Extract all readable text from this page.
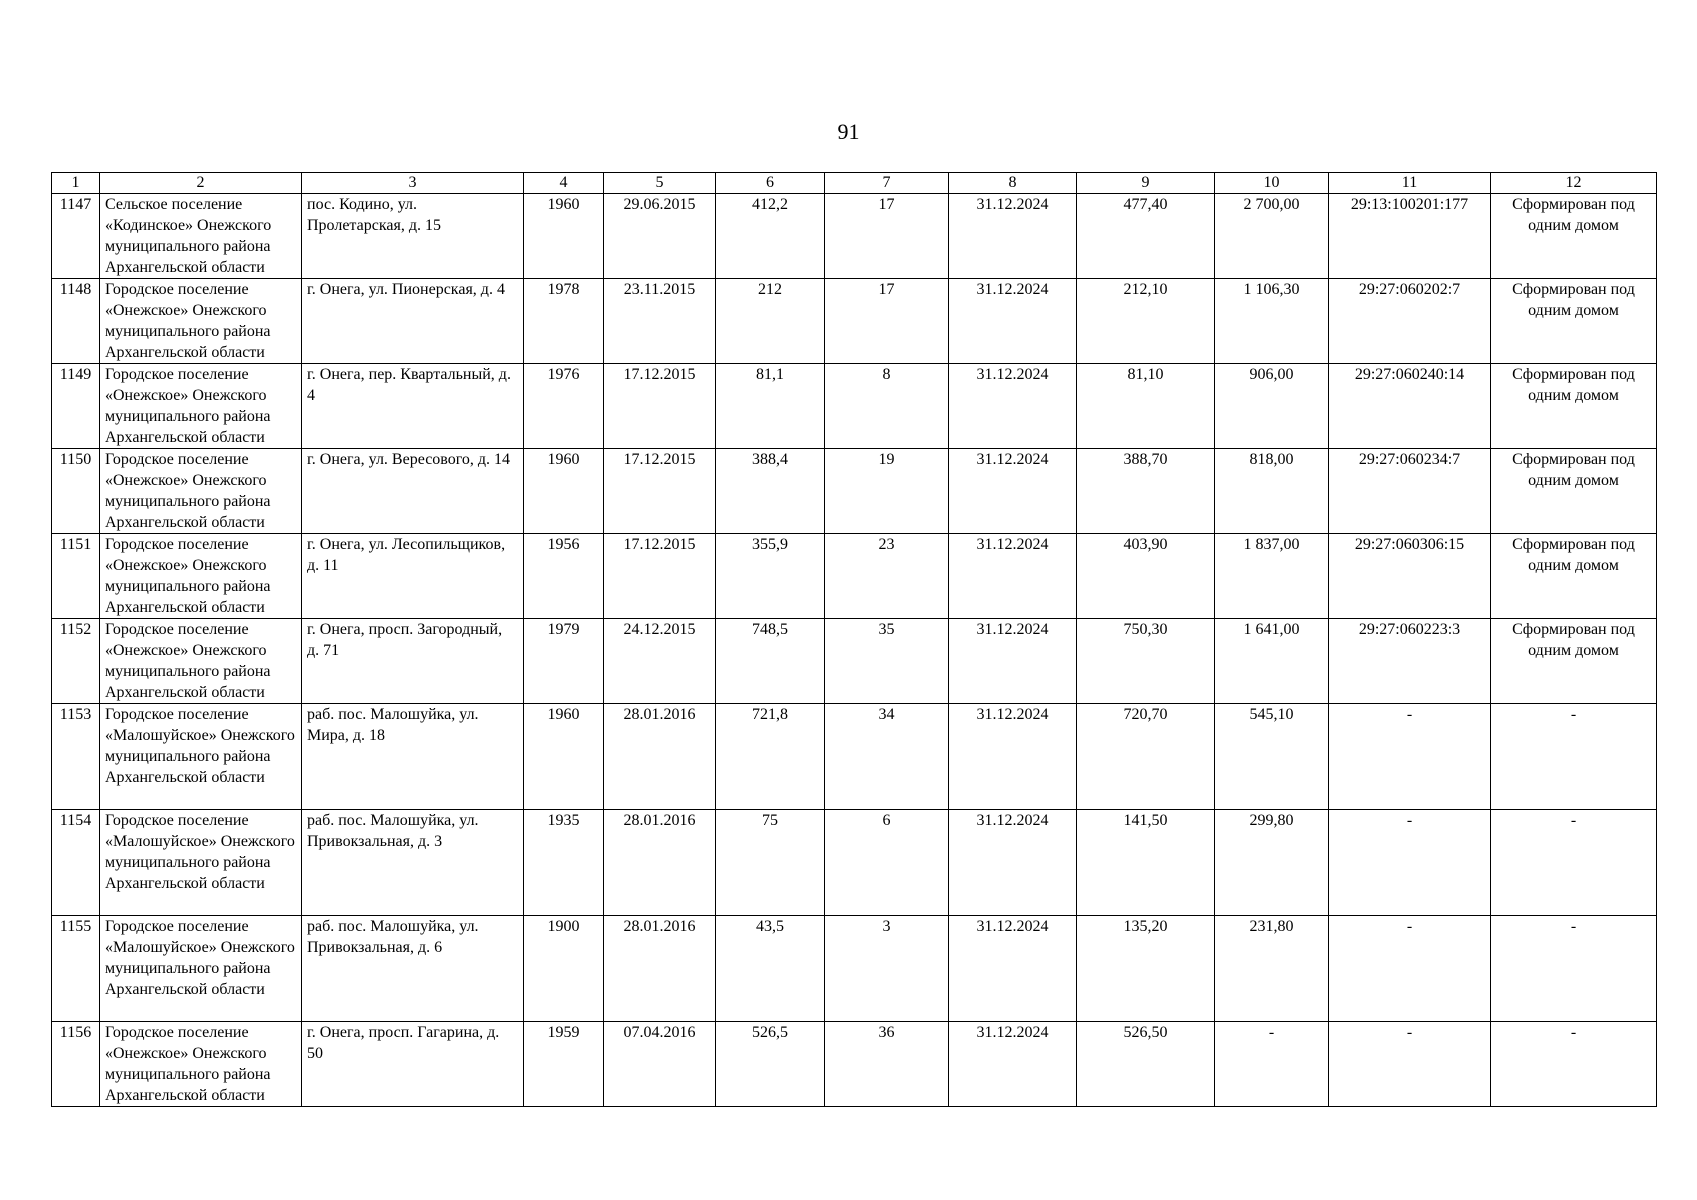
91
1	2	3	4	5	6	7	8	9	10	11	12
1147	Сельское поселение «Кодинское» Онежского муниципального района Архангельской области	пос. Кодино, ул. Пролетарская, д. 15	1960	29.06.2015	412,2	17	31.12.2024	477,40	2 700,00	29:13:100201:177	Сформирован под одним домом
1148	Городское поселение «Онежское» Онежского муниципального района Архангельской области	г. Онега, ул. Пионерская, д. 4	1978	23.11.2015	212	17	31.12.2024	212,10	1 106,30	29:27:060202:7	Сформирован под одним домом
1149	Городское поселение «Онежское» Онежского муниципального района Архангельской области	г. Онега, пер. Квартальный, д. 4	1976	17.12.2015	81,1	8	31.12.2024	81,10	906,00	29:27:060240:14	Сформирован под одним домом
1150	Городское поселение «Онежское» Онежского муниципального района Архангельской области	г. Онега, ул. Вересового, д. 14	1960	17.12.2015	388,4	19	31.12.2024	388,70	818,00	29:27:060234:7	Сформирован под одним домом
1151	Городское поселение «Онежское» Онежского муниципального района Архангельской области	г. Онега, ул. Лесопильщиков, д. 11	1956	17.12.2015	355,9	23	31.12.2024	403,90	1 837,00	29:27:060306:15	Сформирован под одним домом
1152	Городское поселение «Онежское» Онежского муниципального района Архангельской области	г. Онега, просп. Загородный, д. 71	1979	24.12.2015	748,5	35	31.12.2024	750,30	1 641,00	29:27:060223:3	Сформирован под одним домом
1153	Городское поселение «Малошуйское» Онежского муниципального района Архангельской области	раб. пос. Малошуйка, ул. Мира, д. 18	1960	28.01.2016	721,8	34	31.12.2024	720,70	545,10	-	-
1154	Городское поселение «Малошуйское» Онежского муниципального района Архангельской области	раб. пос. Малошуйка, ул. Привокзальная, д. 3	1935	28.01.2016	75	6	31.12.2024	141,50	299,80	-	-
1155	Городское поселение «Малошуйское» Онежского муниципального района Архангельской области	раб. пос. Малошуйка, ул. Привокзальная, д. 6	1900	28.01.2016	43,5	3	31.12.2024	135,20	231,80	-	-
1156	Городское поселение «Онежское» Онежского муниципального района Архангельской области	г. Онега, просп. Гагарина, д. 50	1959	07.04.2016	526,5	36	31.12.2024	526,50	-	-	-
